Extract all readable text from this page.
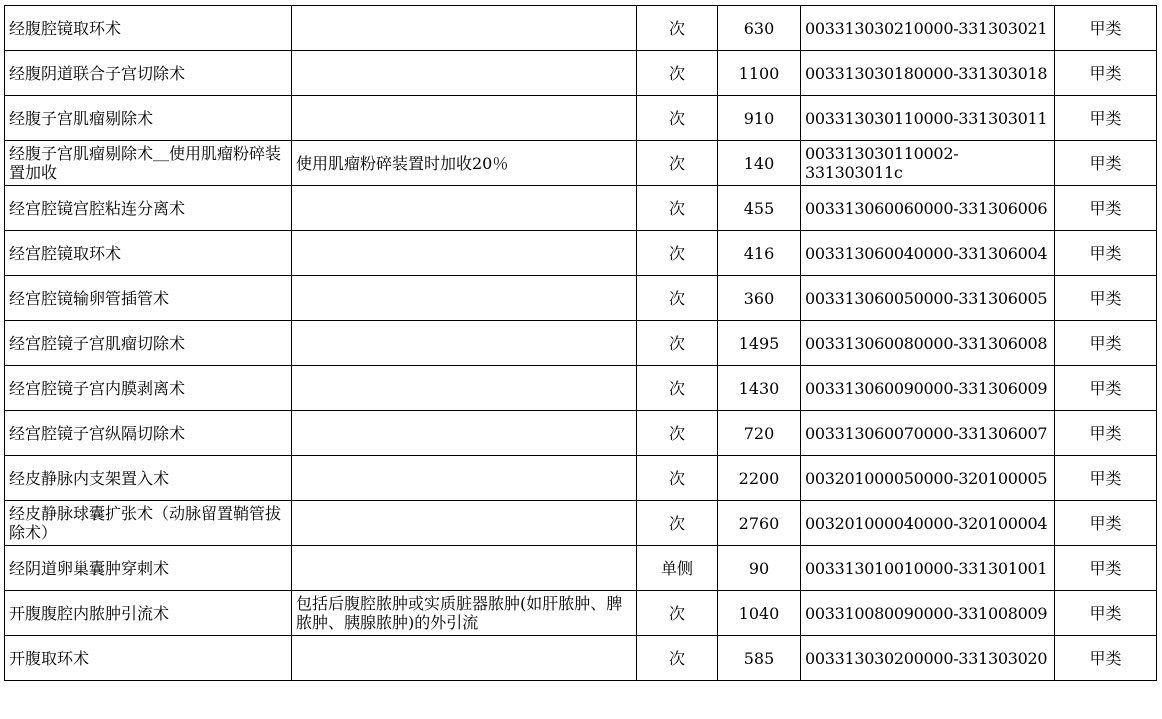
经腹腔镜取环术		次	630	003313030210000-331303021	甲类
经腹阴道联合子宫切除术		次	1100	003313030180000-331303018	甲类
经腹子宫肌瘤剔除术		次	910	003313030110000-331303011	甲类
经腹子宫肌瘤剔除术＿使用肌瘤粉碎装置加收	使用肌瘤粉碎装置时加收20％	次	140	003313030110002-331303011c	甲类
经宫腔镜宫腔粘连分离术		次	455	003313060060000-331306006	甲类
经宫腔镜取环术		次	416	003313060040000-331306004	甲类
经宫腔镜输卵管插管术		次	360	003313060050000-331306005	甲类
经宫腔镜子宫肌瘤切除术		次	1495	003313060080000-331306008	甲类
经宫腔镜子宫内膜剥离术		次	1430	003313060090000-331306009	甲类
经宫腔镜子宫纵隔切除术		次	720	003313060070000-331306007	甲类
经皮静脉内支架置入术		次	2200	003201000050000-320100005	甲类
经皮静脉球囊扩张术（动脉留置鞘管拔除术）		次	2760	003201000040000-320100004	甲类
经阴道卵巢囊肿穿刺术		单侧	90	003313010010000-331301001	甲类
开腹腹腔内脓肿引流术	包括后腹腔脓肿或实质脏器脓肿(如肝脓肿、脾脓肿、胰腺脓肿)的外引流	次	1040	003310080090000-331008009	甲类
开腹取环术		次	585	003313030200000-331303020	甲类
